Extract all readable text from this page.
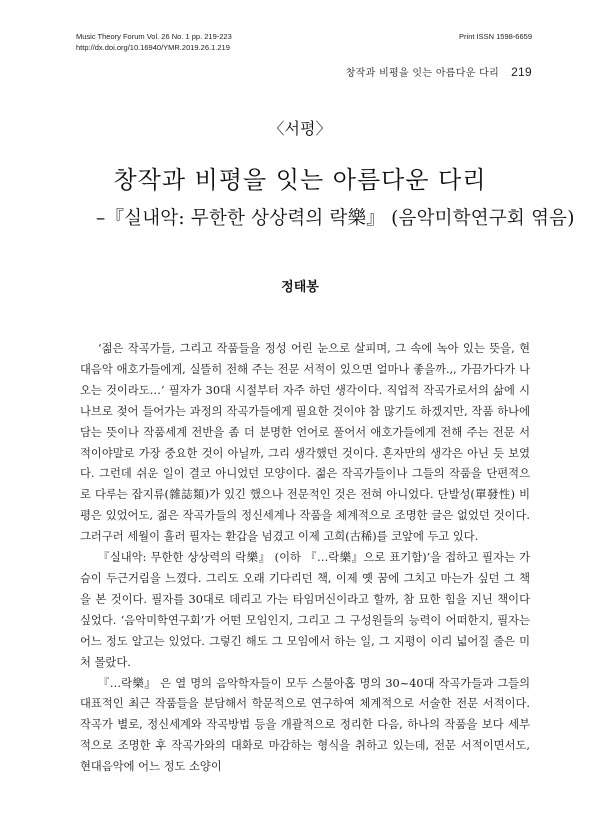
Music Theory Forum Vol. 26 No. 1 pp. 219-223
http://dx.doi.org/10.16940/YMR.2019.26.1.219
Print ISSN 1598-6659
창작과 비평을 잇는 아름다운 다리 219
〈서평〉
창작과 비평을 잇는 아름다운 다리
–『실내악: 무한한 상상력의 락樂』 (음악미학연구회 엮음)
정태봉

‘젊은 작곡가들, 그리고 작품들을 정성 어린 눈으로 살피며, 그 속에 녹아 있는 뜻을, 현대음악 애호가들에게, 실뜰히 전해 주는 전문 서적이 있으면 얼마나 좋을까.,, 가끔가다가 나오는 것이라도…’ 필자가 30대 시절부터 자주 하던 생각이다. 직업적 작곡가로서의 삶에 시나브로 젖어 들어가는 과정의 작곡가들에게 필요한 것이야 참 많기도 하겠지만, 작품 하나에 담는 뜻이나 작품세계 전반을 좀 더 분명한 언어로 풀어서 애호가들에게 전해 주는 전문 서적이야말로 가장 중요한 것이 아닐까, 그리 생각했던 것이다. 혼자만의 생각은 아닌 듯 보였다. 그런데 쉬운 일이 결코 아니었던 모양이다. 젊은 작곡가들이나 그들의 작품을 단편적으로 다루는 잡지류(雜誌類)가 있긴 했으나 전문적인 것은 전혀 아니었다. 단발성(單發性) 비평은 있었어도, 젊은 작곡가들의 정신세계나 작품을 체계적으로 조명한 글은 없었던 것이다. 그러구러 세월이 흘러 필자는 환갑을 넘겼고 이제 고희(古稀)를 코앞에 두고 있다.

『실내악: 무한한 상상력의 락樂』 (이하 『…락樂』으로 표기함)’을 접하고 필자는 가슴이 두근거림을 느꼈다. 그리도 오래 기다리던 책, 이제 옛 꿈에 그치고 마는가 싶던 그 책을 본 것이다. 필자를 30대로 데리고 가는 타임머신이라고 할까, 참 묘한 힘을 지닌 책이다 싶었다. ‘음악미학연구회’가 어떤 모임인지, 그리고 그 구성원들의 능력이 어떠한지, 필자는 어느 정도 알고는 있었다. 그렇긴 해도 그 모임에서 하는 일, 그 지평이 이리 넓어질 줄은 미처 몰랐다.

『…락樂』 은 열 명의 음악학자들이 모두 스물아홉 명의 30~40대 작곡가들과 그들의 대표적인 최근 작품들을 분담해서 학문적으로 연구하여 체계적으로 서술한 전문 서적이다. 작곡가 별로, 정신세계와 작곡방법 등을 개괄적으로 정리한 다음, 하나의 작품을 보다 세부적으로 조명한 후 작곡가와의 대화로 마감하는 형식을 취하고 있는데, 전문 서적이면서도, 현대음악에 어느 정도 소양이
